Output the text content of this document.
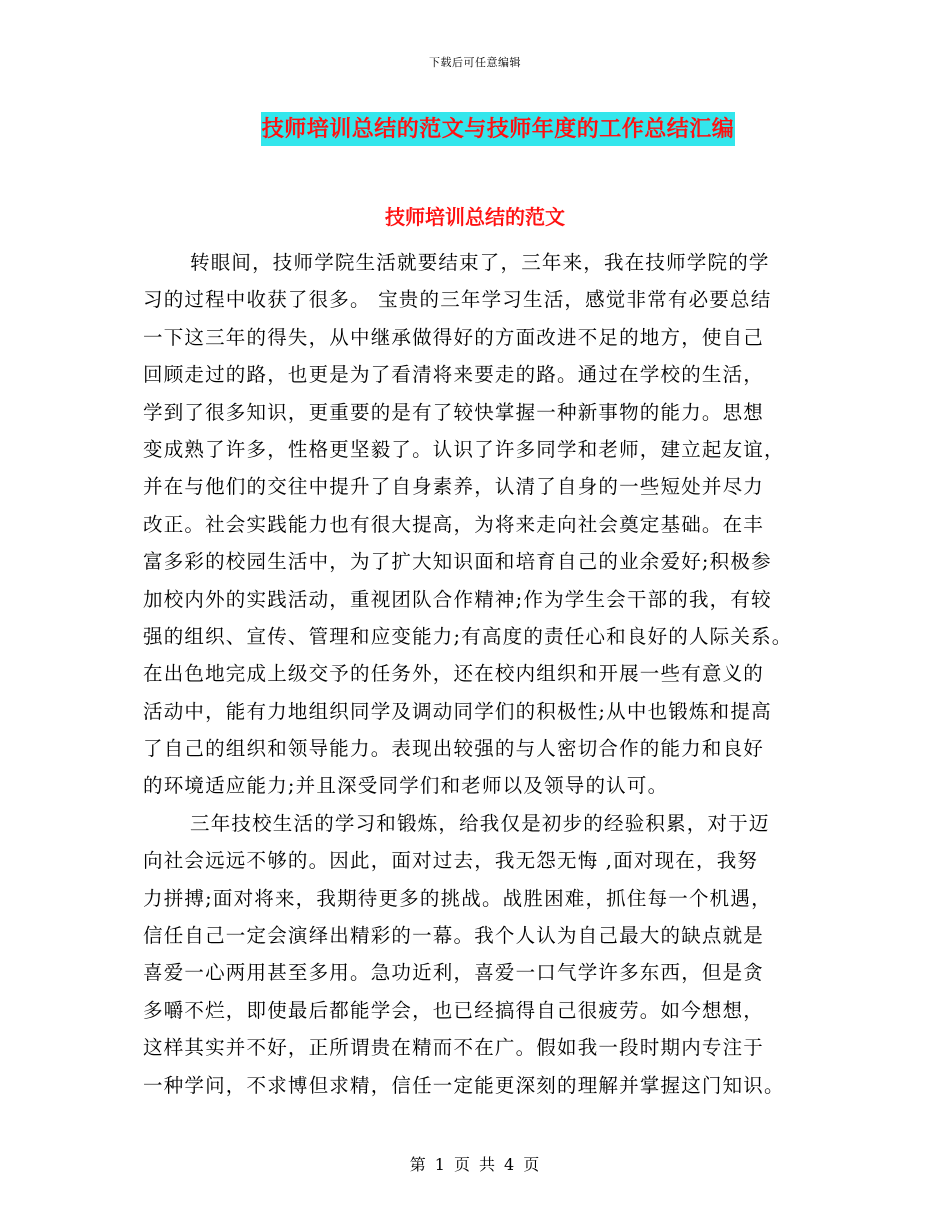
下载后可任意编辑
技师培训总结的范文与技师年度的工作总结汇编
技师培训总结的范文
转眼间，技师学院生活就要结束了，三年来，我在技师学院的学
习的过程中收获了很多。 宝贵的三年学习生活，感觉非常有必要总结
一下这三年的得失，从中继承做得好的方面改进不足的地方，使自己
回顾走过的路，也更是为了看清将来要走的路。通过在学校的生活，
学到了很多知识，更重要的是有了较快掌握一种新事物的能力。思想
变成熟了许多，性格更坚毅了。认识了许多同学和老师，建立起友谊，
并在与他们的交往中提升了自身素养，认清了自身的一些短处并尽力
改正。社会实践能力也有很大提高，为将来走向社会奠定基础。在丰
富多彩的校园生活中，为了扩大知识面和培育自己的业余爱好;积极参
加校内外的实践活动，重视团队合作精神;作为学生会干部的我，有较
强的组织、宣传、管理和应变能力;有高度的责任心和良好的人际关系。
在出色地完成上级交予的任务外，还在校内组织和开展一些有意义的
活动中，能有力地组织同学及调动同学们的积极性;从中也锻炼和提高
了自己的组织和领导能力。表现出较强的与人密切合作的能力和良好
的环境适应能力;并且深受同学们和老师以及领导的认可。
三年技校生活的学习和锻炼，给我仅是初步的经验积累，对于迈
向社会远远不够的。因此，面对过去，我无怨无悔 ,面对现在，我努
力拼搏;面对将来，我期待更多的挑战。战胜困难，抓住每一个机遇，
信任自己一定会演绎出精彩的一幕。我个人认为自己最大的缺点就是
喜爱一心两用甚至多用。急功近利，喜爱一口气学许多东西，但是贪
多嚼不烂，即使最后都能学会，也已经搞得自己很疲劳。如今想想，
这样其实并不好，正所谓贵在精而不在广。假如我一段时期内专注于
一种学问，不求博但求精，信任一定能更深刻的理解并掌握这门知识。
第 1 页 共 4 页
